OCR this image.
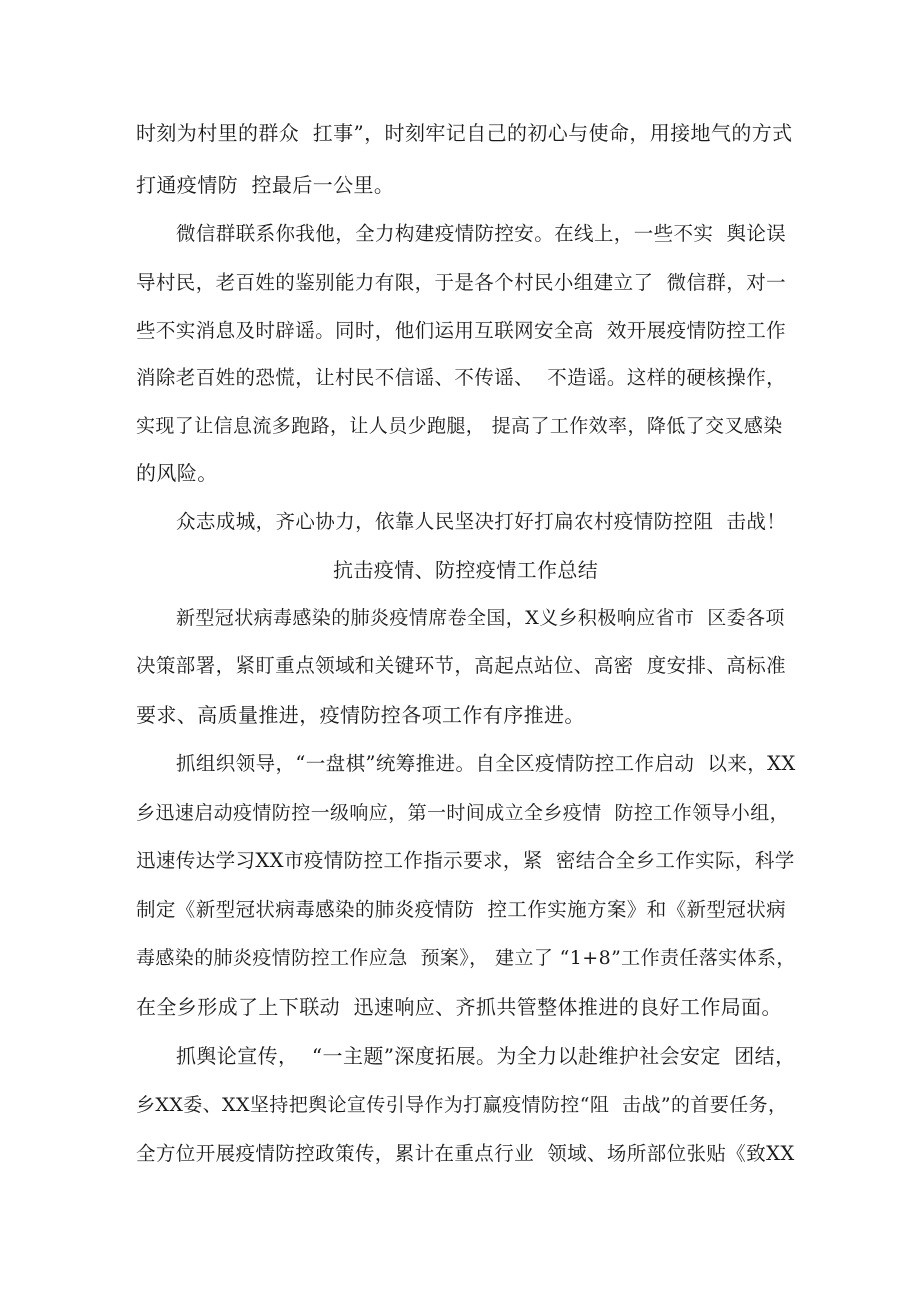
时刻为村里的群众  扛事”，时刻牢记自己的初心与使命，用接地气的方式
打通疫情防  控最后一公里。
微信群联系你我他，全力构建疫情防控安。在线上，一些不实  舆论误
导村民，老百姓的鉴别能力有限，于是各个村民小组建立了  微信群，对一
些不实消息及时辟谣。同时，他们运用互联网安全高  效开展疫情防控工作
消除老百姓的恐慌，让村民不信谣、不传谣、  不造谣。这样的硬核操作，
实现了让信息流多跑路，让人员少跑腿， 提高了工作效率，降低了交叉感染
的风险。
众志成城，齐心协力，依靠人民坚决打好打扁农村疫情防控阻  击战！
抗击疫情、防控疫情工作总结
新型冠状病毒感染的肺炎疫情席卷全国，X义乡积极响应省市  区委各项
决策部署，紧盯重点领域和关键环节，高起点站位、高密  度安排、高标准
要求、高质量推进，疫情防控各项工作有序推进。
抓组织领导，“一盘棋”统筹推进。自全区疫情防控工作启动  以来，XX
乡迅速启动疫情防控一级响应，第一时间成立全乡疫情  防控工作领导小组，
迅速传达学习XX市疫情防控工作指示要求，紧  密结合全乡工作实际，科学
制定《新型冠状病毒感染的肺炎疫情防  控工作实施方案》和《新型冠状病
毒感染的肺炎疫情防控工作应急  预案》， 建立了 “1+8”工作责任落实体系，
在全乡形成了上下联动  迅速响应、齐抓共管整体推进的良好工作局面。
抓舆论宣传，  “一主题”深度拓展。为全力以赴维护社会安定  团结，
乡XX委、XX坚持把舆论宣传引导作为打赢疫情防控“阻  击战”的首要任务，
全方位开展疫情防控政策传，累计在重点行业  领域、场所部位张贴《致XX
